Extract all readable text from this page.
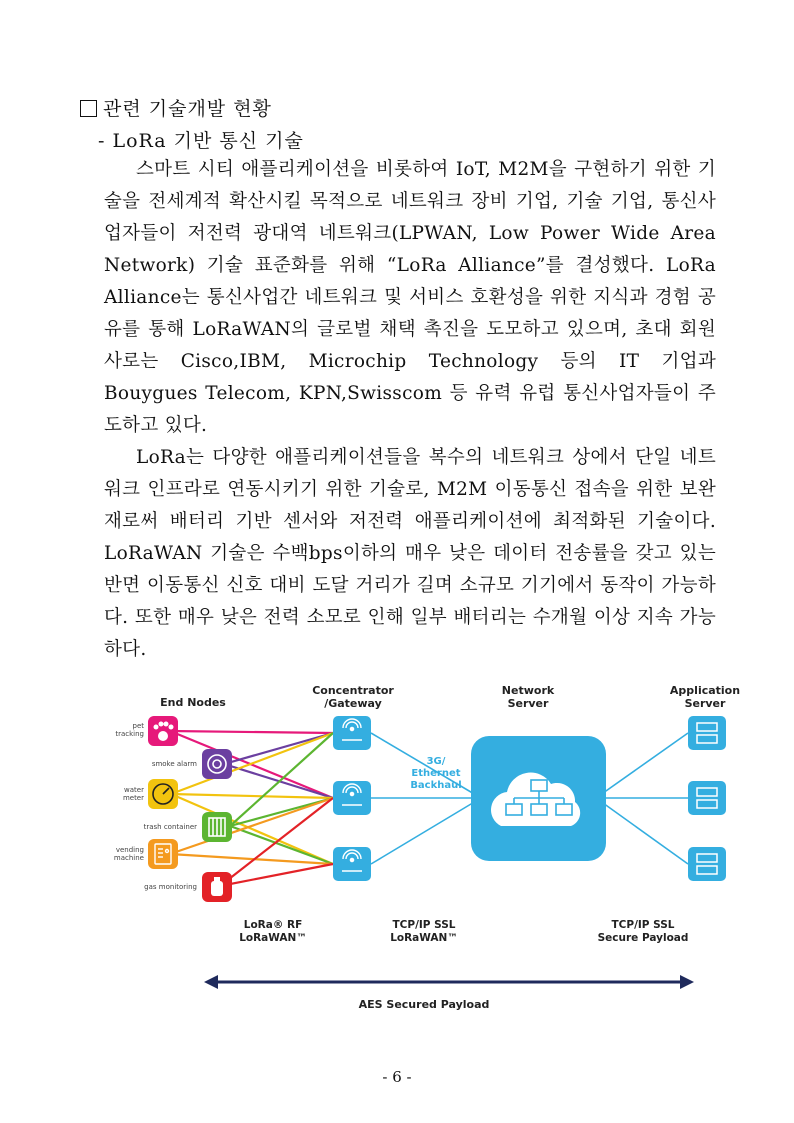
관련 기술개발 현황
- LoRa 기반 통신 기술
스마트 시티 애플리케이션을 비롯하여 IoT, M2M을 구현하기 위한 기술을 전세계적 확산시킬 목적으로 네트워크 장비 기업, 기술 기업, 통신사업자들이 저전력 광대역 네트워크(LPWAN, Low Power Wide Area Network) 기술 표준화를 위해 “LoRa Alliance”를 결성했다. LoRa Alliance는 통신사업간 네트워크 및 서비스 호환성을 위한 지식과 경험 공유를 통해 LoRaWAN의 글로벌 채택 촉진을 도모하고 있으며, 초대 회원사로는 Cisco,IBM, Microchip Technology 등의 IT 기업과 Bouygues Telecom, KPN,Swisscom 등 유력 유럽 통신사업자들이 주도하고 있다.
LoRa는 다양한 애플리케이션들을 복수의 네트워크 상에서 단일 네트워크 인프라로 연동시키기 위한 기술로, M2M 이동통신 접속을 위한 보완재로써 배터리 기반 센서와 저전력 애플리케이션에 최적화된 기술이다. LoRaWAN 기술은 수백bps이하의 매우 낮은 데이터 전송률을 갖고 있는 반면 이동통신 신호 대비 도달 거리가 길며 소규모 기기에서 동작이 가능하다. 또한 매우 낮은 전력 소모로 인해 일부 배터리는 수개월 이상 지속 가능하다.
End Nodes
Concentrator
/Gateway
Network
Server
Application
Server
3G/
Ethernet
Backhaul
pet
tracking
smoke alarm
water
meter
trash container
vending
machine
gas monitoring
LoRa® RF
LoRaWAN™
TCP/IP SSL
LoRaWAN™
TCP/IP SSL
Secure Payload
AES Secured Payload
- 6 -
